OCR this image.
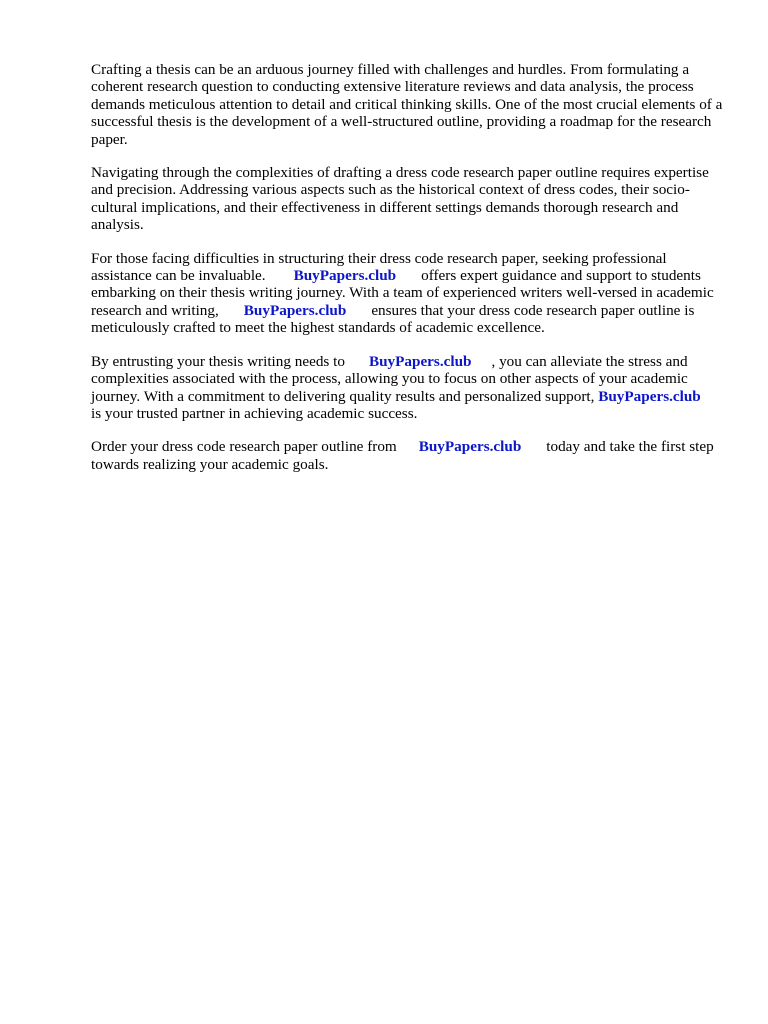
Crafting a thesis can be an arduous journey filled with challenges and hurdles. From formulating a coherent research question to conducting extensive literature reviews and data analysis, the process demands meticulous attention to detail and critical thinking skills. One of the most crucial elements of a successful thesis is the development of a well-structured outline, providing a roadmap for the research paper.

Navigating through the complexities of drafting a dress code research paper outline requires expertise and precision. Addressing various aspects such as the historical context of dress codes, their socio-cultural implications, and their effectiveness in different settings demands thorough research and analysis.

For those facing difficulties in structuring their dress code research paper, seeking professional assistance can be invaluable. BuyPapers.club offers expert guidance and support to students embarking on their thesis writing journey. With a team of experienced writers well-versed in academic research and writing, BuyPapers.club ensures that your dress code research paper outline is meticulously crafted to meet the highest standards of academic excellence.

By entrusting your thesis writing needs to BuyPapers.club , you can alleviate the stress and complexities associated with the process, allowing you to focus on other aspects of your academic journey. With a commitment to delivering quality results and personalized support, BuyPapers.clubis your trusted partner in achieving academic success.

Order your dress code research paper outline from BuyPapers.club today and take the first step towards realizing your academic goals.
